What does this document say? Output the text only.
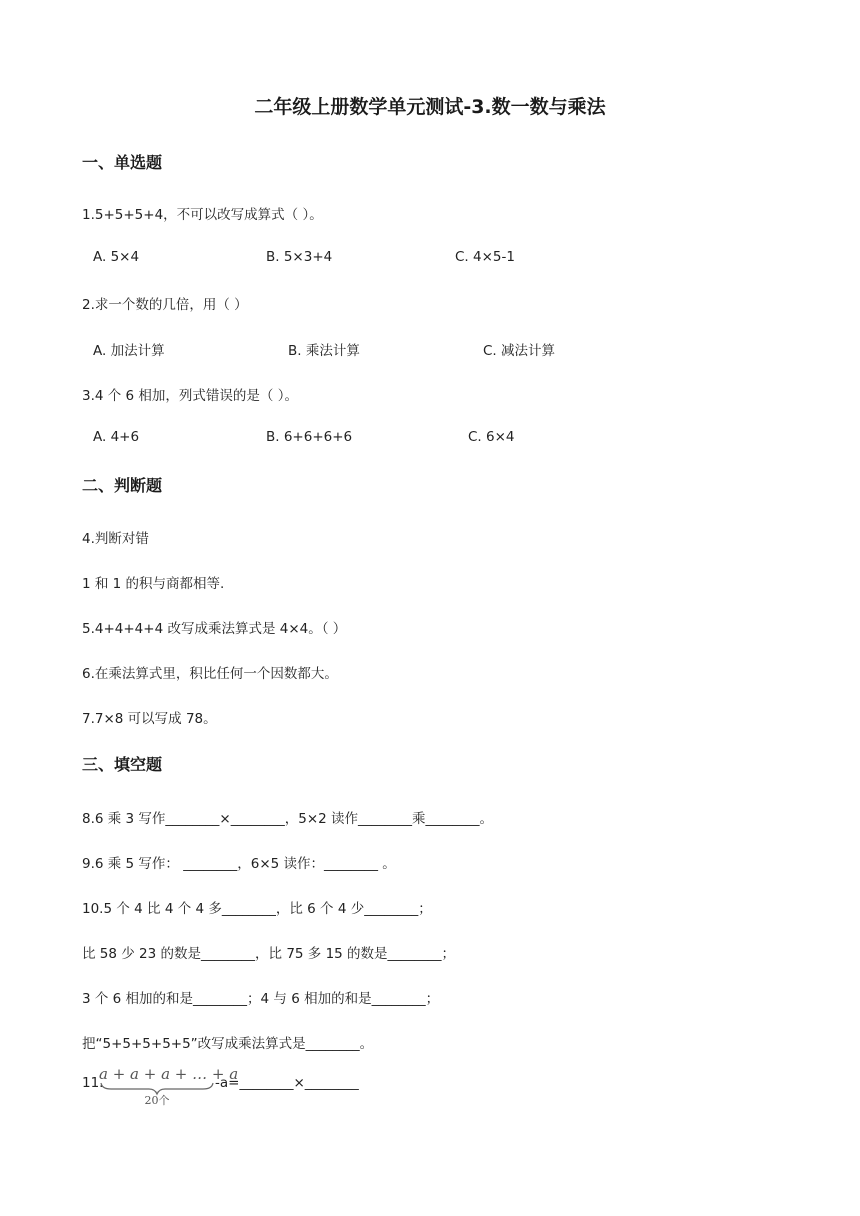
二年级上册数学单元测试-3.数一数与乘法
一、单选题
1.5+5+5+4，不可以改写成算式（ ）。
A. 5×4	B. 5×3+4	C. 4×5-1
2.求一个数的几倍，用（ ）
A. 加法计算	B. 乘法计算	C. 减法计算
3.4 个 6 相加，列式错误的是（ ）。
A. 4+6	B. 6+6+6+6	C. 6×4
二、判断题
4.判断对错
1 和 1 的积与商都相等.
5.4+4+4+4 改写成乘法算式是 4×4。（ ）
6.在乘法算式里，积比任何一个因数都大。
7.7×8 可以写成 78。
三、填空题
8.6 乘 3 写作________×________，5×2 读作________乘________。
9.6 乘 5 写作： ________，6×5 读作：________ 。
10.5 个 4 比 4 个 4 多________，比 6 个 4 少________；
比 58 少 23 的数是________，比 75 多 15 的数是________；
3 个 6 相加的和是________；4 与 6 相加的和是________；
把“5+5+5+5+5”改写成乘法算式是________。
11.
a + a + a + … + a
20个
-a=________×________
